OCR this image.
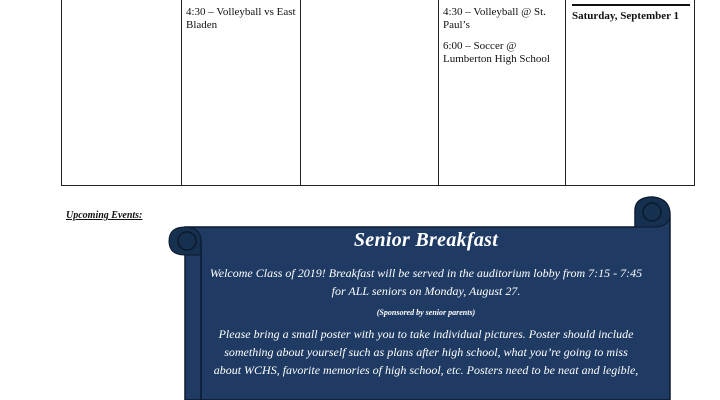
4:30 – Volleyball vs East Bladen

4:30 – Volleyball @ St. Paul’s

6:00 – Soccer @ Lumberton High School

Saturday, September 1
Upcoming Events:
Senior Breakfast

Welcome Class of 2019! Breakfast will be served in the auditorium lobby from 7:15 - 7:45

for ALL seniors on Monday, August 27.

(Sponsored by senior parents)

Please bring a small poster with you to take individual pictures. Poster should include

something about yourself such as plans after high school, what you’re going to miss

about WCHS, favorite memories of high school, etc. Posters need to be neat and legible,
